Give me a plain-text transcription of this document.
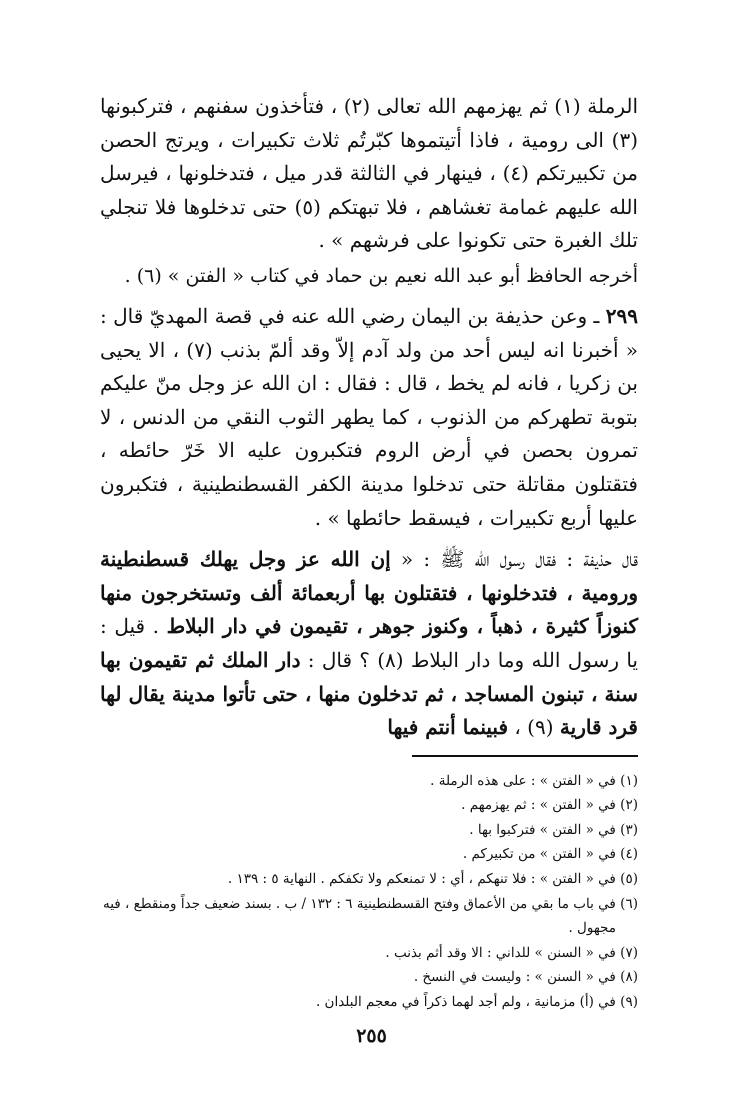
الرملة (١) ثم يهزمهم الله تعالى (٢) ، فتأخذون سفنهم ، فتركبونها (٣) الى رومية ، فاذا أتيتموها كبّرتُم ثلاث تكبيرات ، ويرتج الحصن من تكبيرتكم (٤) ، فينهار في الثالثة قدر ميل ، فتدخلونها ، فيرسل الله عليهم غمامة تغشاهم ، فلا تبهتكم (٥) حتى تدخلوها فلا تنجلي تلك الغبرة حتى تكونوا على فرشهم » .

أخرجه الحافظ أبو عبد الله نعيم بن حماد في كتاب « الفتن » (٦) .

٢٩٩ ـ وعن حذيفة بن اليمان رضي الله عنه في قصة المهديّ قال : « أخبرنا انه ليس أحد من ولد آدم إلاّ وقد ألمّ بذنب (٧) ، الا يحيى بن زكريا ، فانه لم يخط ، قال : فقال : ان الله عز وجل منّ عليكم بتوبة تطهركم من الذنوب ، كما يطهر الثوب النقي من الدنس ، لا تمرون بحصن في أرض الروم فتكبرون عليه الا خَرّ حائطه ، فتقتلون مقاتلة حتى تدخلوا مدينة الكفر القسطنطينية ، فتكبرون عليها أربع تكبيرات ، فيسقط حائطها » .

قال حذيفة : فقال رسول الله ﷺ : « إن الله عز وجل يهلك قسطنطينة ورومية ، فتدخلونها ، فتقتلون بها أربعمائة ألف وتستخرجون منها كنوزاً كثيرة ، ذهباً ، وكنوز جوهر ، تقيمون في دار البلاط . قيل : يا رسول الله وما دار البلاط (٨) ؟ قال : دار الملك ثم تقيمون بها سنة ، تبنون المساجد ، ثم تدخلون منها ، حتى تأتوا مدينة يقال لها قرد قارية (٩) ، فبينما أنتم فيها

(١) في « الفتن » : على هذه الرملة .

(٢) في « الفتن » : ثم يهزمهم .

(٣) في « الفتن » فتركبوا بها .

(٤) في « الفتن » من تكبيركم .

(٥) في « الفتن » : فلا تنهكم ، أي : لا تمنعكم ولا تكفكم . النهاية ٥ : ١٣٩ .

(٦) في باب ما بقي من الأعماق وفتح القسطنطينية ٦ : ١٣٢ / ب . بسند ضعيف جداً ومنقطع ، فيه

مجهول .

(٧) في « السنن » للداني : الا وقد أثم بذنب .

(٨) في « السنن » : وليست في النسخ .

(٩) في (أ) مزمانية ، ولم أجد لهما ذكراً في معجم البلدان .

٢٥٥
